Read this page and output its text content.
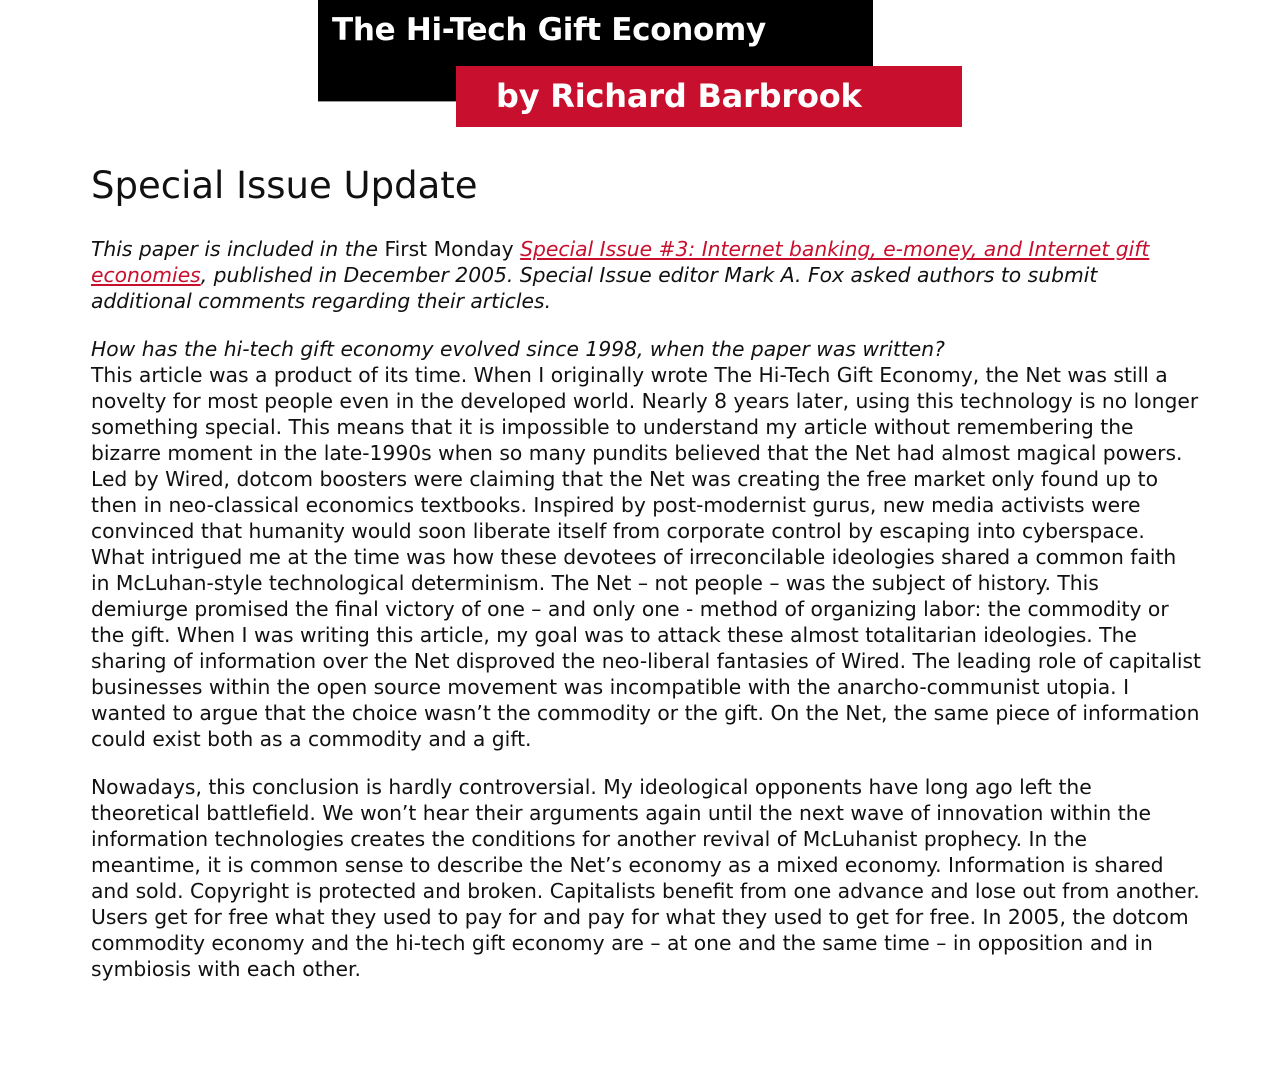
The Hi-Tech Gift Economy
by Richard Barbrook
Special Issue Update

This paper is included in the First Monday Special Issue #3: Internet banking, e-money, and Internet gift economies, published in December 2005. Special Issue editor Mark A. Fox asked authors to submit additional comments regarding their articles.

How has the hi-tech gift economy evolved since 1998, when the paper was written?

This article was a product of its time. When I originally wrote The Hi-Tech Gift Economy, the Net was still a novelty for most people even in the developed world. Nearly 8 years later, using this technology is no longer something special. This means that it is impossible to understand my article without remembering the bizarre moment in the late-1990s when so many pundits believed that the Net had almost magical powers. Led by Wired, dotcom boosters were claiming that the Net was creating the free market only found up to then in neo-classical economics textbooks. Inspired by post-modernist gurus, new media activists were convinced that humanity would soon liberate itself from corporate control by escaping into cyberspace. What intrigued me at the time was how these devotees of irreconcilable ideologies shared a common faith in McLuhan-style technological determinism. The Net – not people – was the subject of history. This demiurge promised the final victory of one – and only one - method of organizing labor: the commodity or the gift. When I was writing this article, my goal was to attack these almost totalitarian ideologies. The sharing of information over the Net disproved the neo-liberal fantasies of Wired. The leading role of capitalist businesses within the open source movement was incompatible with the anarcho-communist utopia. I wanted to argue that the choice wasn’t the commodity or the gift. On the Net, the same piece of information could exist both as a commodity and a gift.

Nowadays, this conclusion is hardly controversial. My ideological opponents have long ago left the theoretical battlefield. We won’t hear their arguments again until the next wave of innovation within the information technologies creates the conditions for another revival of McLuhanist prophecy. In the meantime, it is common sense to describe the Net’s economy as a mixed economy. Information is shared and sold. Copyright is protected and broken. Capitalists benefit from one advance and lose out from another. Users get for free what they used to pay for and pay for what they used to get for free. In 2005, the dotcom commodity economy and the hi-tech gift economy are – at one and the same time – in opposition and in symbiosis with each other.
